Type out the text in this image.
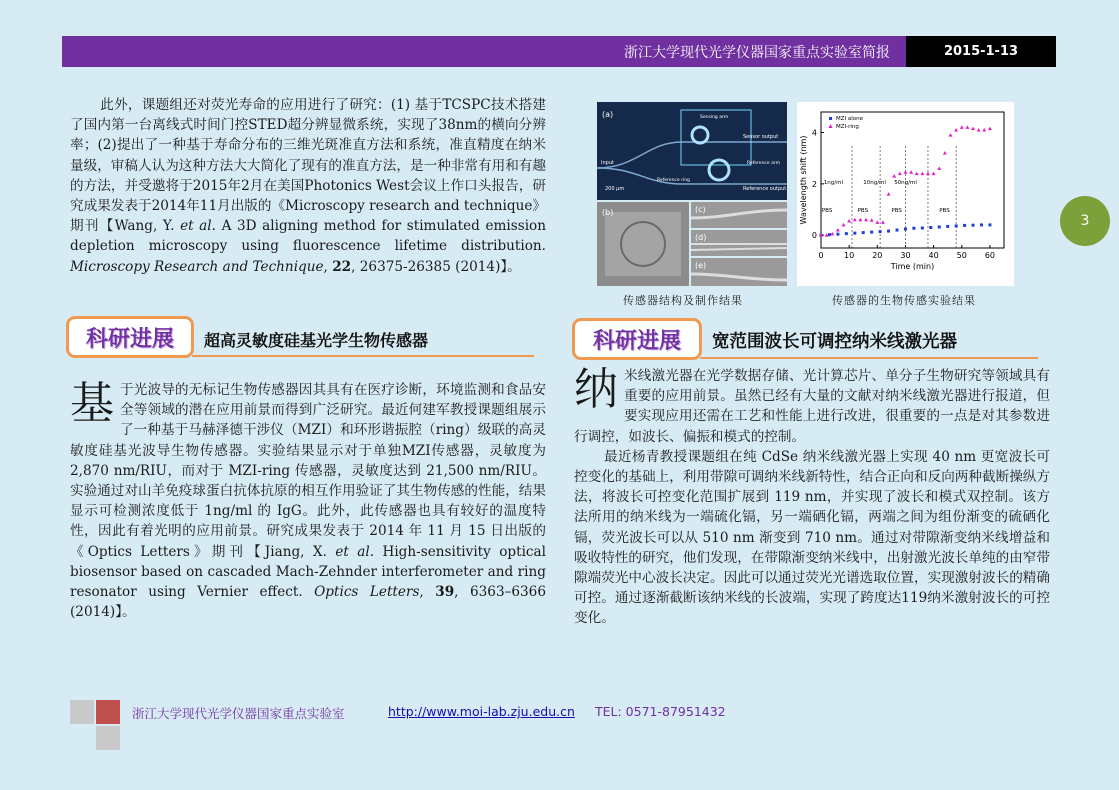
浙江大学现代光学仪器国家重点实验室简报	2015-1-13
3

此外，课题组还对荧光寿命的应用进行了研究：(1) 基于TCSPC技术搭建了国内第一台离线式时间门控STED超分辨显微系统，实现了38nm的横向分辨率；(2)提出了一种基于寿命分布的三维光斑准直方法和系统，准直精度在纳米量级，审稿人认为这种方法大大简化了现有的准直方法，是一种非常有用和有趣的方法，并受邀将于2015年2月在美国Photonics West会议上作口头报告，研究成果发表于2014年11月出版的《Microscopy research and technique》期刊【Wang, Y. et al. A 3D aligning method for stimulated emission depletion microscopy using fluorescence lifetime distribution. Microscopy Research and Technique, 22, 26375-26385 (2014)】。

(a)	Sensing arm
Sensor output
Input
Reference ring
Reference arm
Reference output
200 μm
(b)	(c)
(d)
(e)
传感器结构及制作结果
0	10 20 30 40 50 60
0
2
4
Time (min)
Wavelength shift (nm)	1ng/ml	10ng/ml 50ng/ml
PBS	PBS	PBS	PBS
MZI alone
MZI-ring
传感器的生物传感实验结果
科研进展 超高灵敏度硅基光学生物传感器
基于光波导的无标记生物传感器因其具有在医疗诊断，环境监测和食品安全等领域的潜在应用前景而得到广泛研究。最近何建军教授课题组展示了一种基于马赫泽德干涉仪（MZI）和环形谐振腔（ring）级联的高灵敏度硅基光波导生物传感器。实验结果显示对于单独MZI传感器，灵敏度为 2,870 nm/RIU，而对于 MZI-ring 传感器，灵敏度达到 21,500 nm/RIU。实验通过对山羊免疫球蛋白抗体抗原的相互作用验证了其生物传感的性能，结果显示可检测浓度低于 1ng/ml 的 IgG。此外，此传感器也具有较好的温度特性，因此有着光明的应用前景。研究成果发表于 2014 年 11 月 15 日出版的《Optics Letters》期刊【Jiang, X. et al. High-sensitivity optical biosensor based on cascaded Mach-Zehnder interferometer and ring resonator using Vernier effect. Optics Letters, 39, 6363–6366 (2014)】。
科研进展 宽范围波长可调控纳米线激光器
纳米线激光器在光学数据存储、光计算芯片、单分子生物研究等领域具有重要的应用前景。虽然已经有大量的文献对纳米线激光器进行报道，但要实现应用还需在工艺和性能上进行改进，很重要的一点是对其参数进行调控，如波长、偏振和模式的控制。

最近杨青教授课题组在纯 CdSe 纳米线激光器上实现 40 nm 更宽波长可控变化的基础上，利用带隙可调纳米线新特性，结合正向和反向两种截断操纵方法，将波长可控变化范围扩展到 119 nm，并实现了波长和模式双控制。该方法所用的纳米线为一端硫化镉，另一端硒化镉，两端之间为组份渐变的硫硒化镉，荧光波长可以从 510 nm 渐变到 710 nm。通过对带隙渐变纳米线增益和吸收特性的研究，他们发现，在带隙渐变纳米线中，出射激光波长单纯的由窄带隙端荧光中心波长决定。因此可以通过荧光光谱选取位置，实现激射波长的精确可控。通过逐渐截断该纳米线的长波端，实现了跨度达119纳米激射波长的可控变化。

浙江大学现代光学仪器国家重点实验室	http://www.moi-lab.zju.edu.cn TEL: 0571-87951432
